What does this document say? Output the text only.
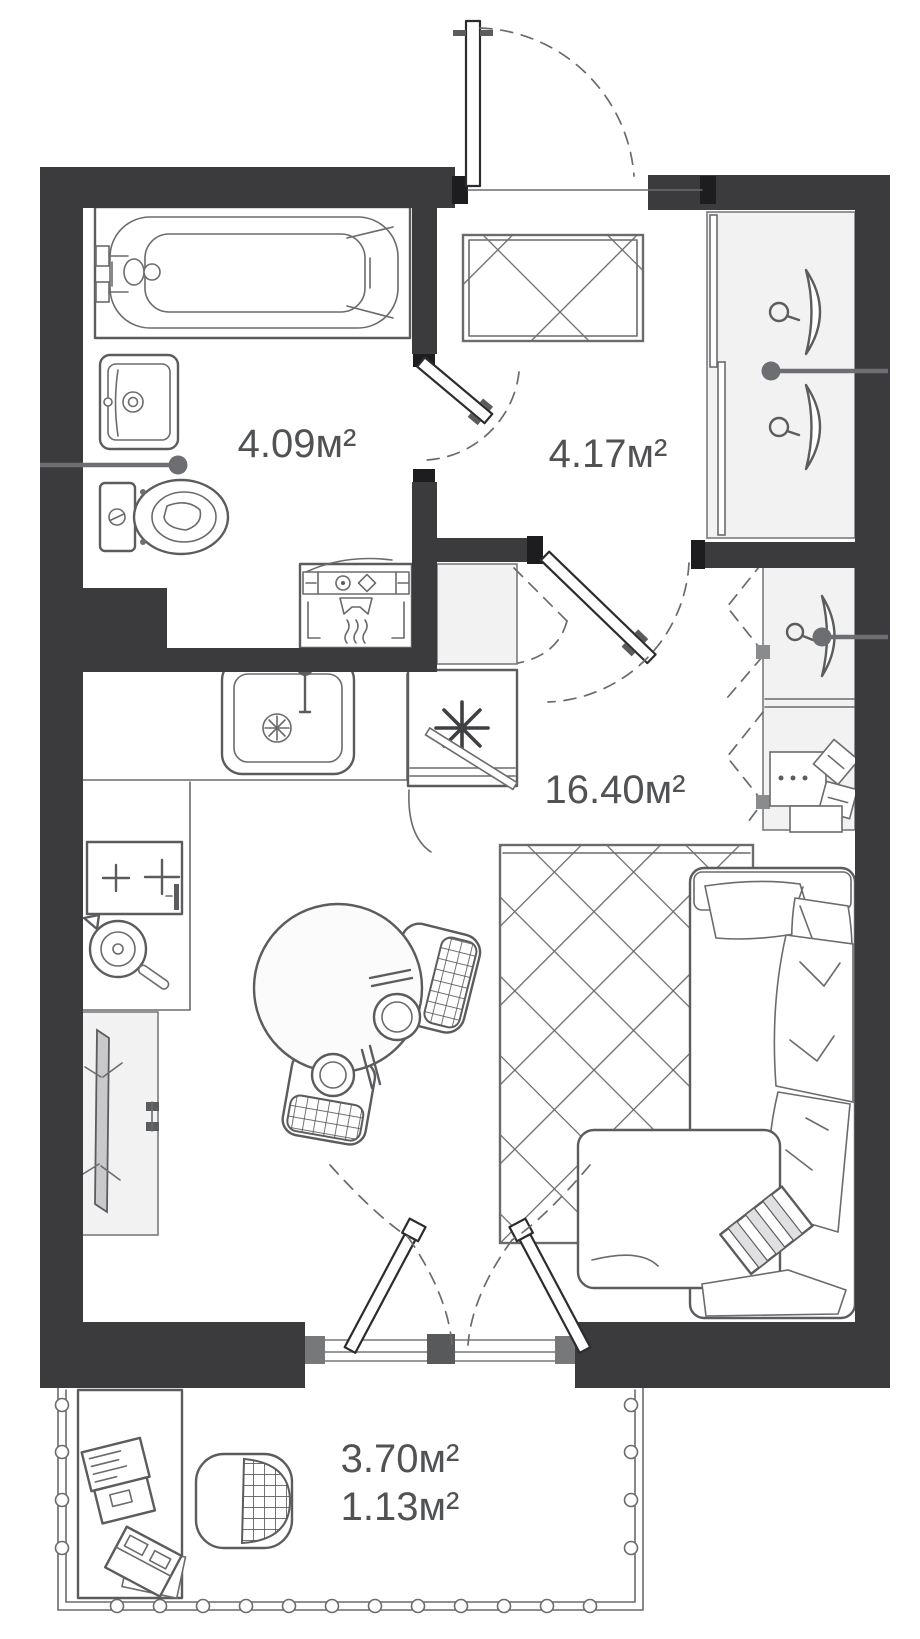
3.70м²
1.13м²
4.09м²	4.17м²
16.40м²
